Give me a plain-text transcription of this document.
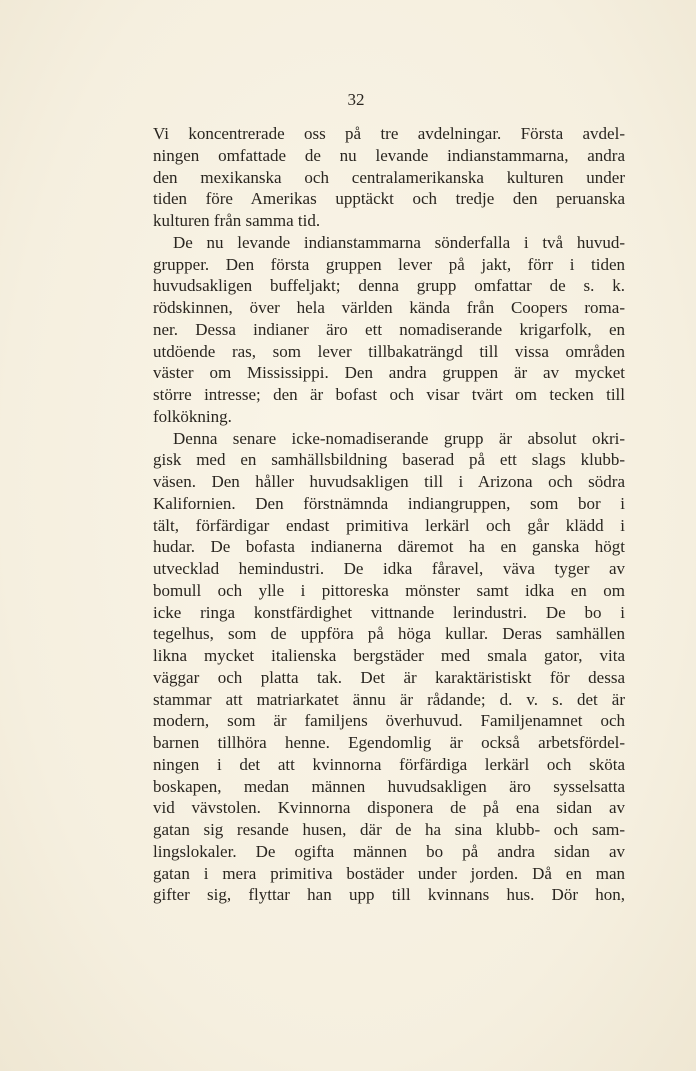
32
Vi koncentrerade oss på tre avdelningar. Första avdel-
ningen omfattade de nu levande indianstammarna, andra
den mexikanska och centralamerikanska kulturen under
tiden före Amerikas upptäckt och tredje den peruanska
kulturen från samma tid.
De nu levande indianstammarna sönderfalla i två huvud-
grupper. Den första gruppen lever på jakt, förr i tiden
huvudsakligen buffeljakt; denna grupp omfattar de s. k.
rödskinnen, över hela världen kända från Coopers roma-
ner. Dessa indianer äro ett nomadiserande krigarfolk, en
utdöende ras, som lever tillbakaträngd till vissa områden
väster om Mississippi. Den andra gruppen är av mycket
större intresse; den är bofast och visar tvärt om tecken till
folkökning.
Denna senare icke-nomadiserande grupp är absolut okri-
gisk med en samhällsbildning baserad på ett slags klubb-
väsen. Den håller huvudsakligen till i Arizona och södra
Kalifornien. Den förstnämnda indiangruppen, som bor i
tält, förfärdigar endast primitiva lerkärl och går klädd i
hudar. De bofasta indianerna däremot ha en ganska högt
utvecklad hemindustri. De idka fåravel, väva tyger av
bomull och ylle i pittoreska mönster samt idka en om
icke ringa konstfärdighet vittnande lerindustri. De bo i
tegelhus, som de uppföra på höga kullar. Deras samhällen
likna mycket italienska bergstäder med smala gator, vita
väggar och platta tak. Det är karaktäristiskt för dessa
stammar att matriarkatet ännu är rådande; d. v. s. det är
modern, som är familjens överhuvud. Familjenamnet och
barnen tillhöra henne. Egendomlig är också arbetsfördel-
ningen i det att kvinnorna förfärdiga lerkärl och sköta
boskapen, medan männen huvudsakligen äro sysselsatta
vid vävstolen. Kvinnorna disponera de på ena sidan av
gatan sig resande husen, där de ha sina klubb- och sam-
lingslokaler. De ogifta männen bo på andra sidan av
gatan i mera primitiva bostäder under jorden. Då en man
gifter sig, flyttar han upp till kvinnans hus. Dör hon,
